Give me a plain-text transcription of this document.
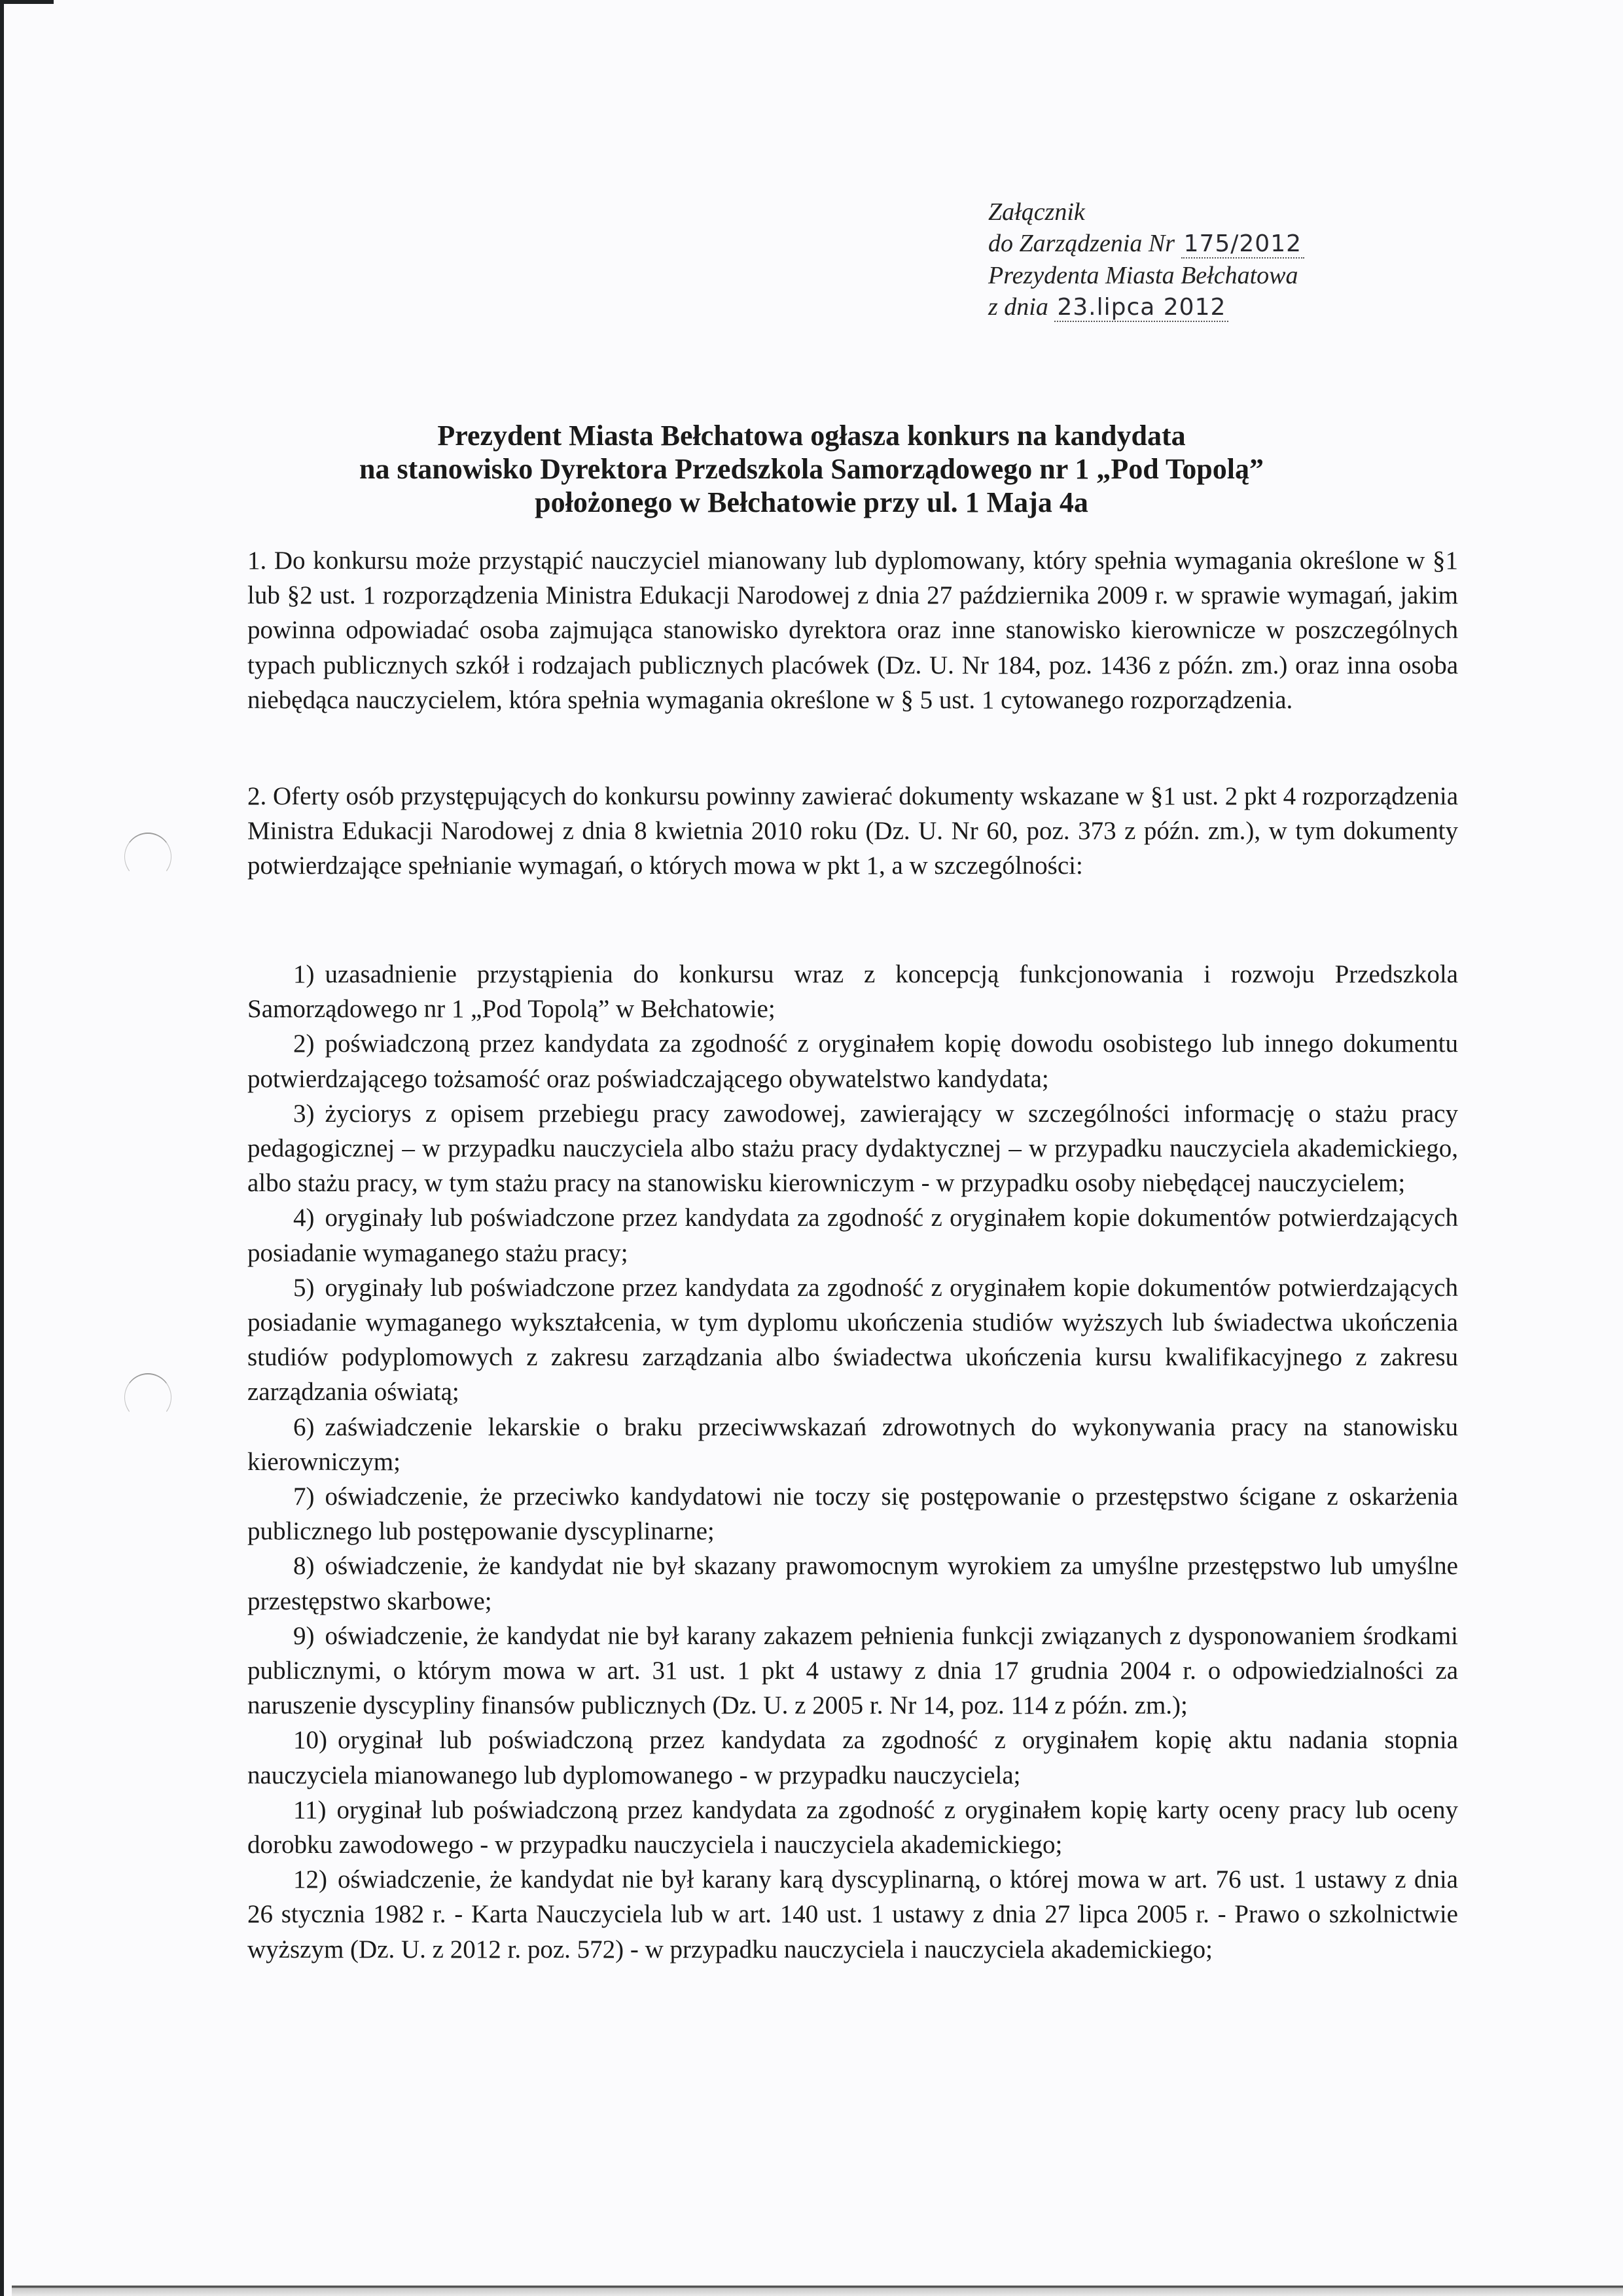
Załącznik
do Zarządzenia Nr 175/2012
Prezydenta Miasta Bełchatowa
z dnia 23.lipca 2012
Prezydent Miasta Bełchatowa ogłasza konkurs na kandydata
na stanowisko Dyrektora Przedszkola Samorządowego nr 1 „Pod Topolą”
położonego w Bełchatowie przy ul. 1 Maja 4a
1. Do konkursu może przystąpić nauczyciel mianowany lub dyplomowany, który spełnia wymagania określone w §1 lub §2 ust. 1 rozporządzenia Ministra Edukacji Narodowej z dnia 27 października 2009 r. w sprawie wymagań, jakim powinna odpowiadać osoba zajmująca stanowisko dyrektora oraz inne stanowisko kierownicze w poszczególnych typach publicznych szkół i rodzajach publicznych placówek (Dz. U. Nr 184, poz. 1436 z późn. zm.) oraz inna osoba niebędąca nauczycielem, która spełnia wymagania określone w § 5 ust. 1 cytowanego rozporządzenia.
2. Oferty osób przystępujących do konkursu powinny zawierać dokumenty wskazane w §1 ust. 2 pkt 4 rozporządzenia Ministra Edukacji Narodowej z dnia 8 kwietnia 2010 roku (Dz. U. Nr 60, poz. 373 z późn. zm.), w tym dokumenty potwierdzające spełnianie wymagań, o których mowa w pkt 1, a w szczególności:
1) uzasadnienie przystąpienia do konkursu wraz z koncepcją funkcjonowania i rozwoju Przedszkola Samorządowego nr 1 „Pod Topolą” w Bełchatowie;
2) poświadczoną przez kandydata za zgodność z oryginałem kopię dowodu osobistego lub innego dokumentu potwierdzającego tożsamość oraz poświadczającego obywatelstwo kandydata;
3) życiorys z opisem przebiegu pracy zawodowej, zawierający w szczególności informację o stażu pracy pedagogicznej – w przypadku nauczyciela albo stażu pracy dydaktycznej – w przypadku nauczyciela akademickiego, albo stażu pracy, w tym stażu pracy na stanowisku kierowniczym - w przypadku osoby niebędącej nauczycielem;
4) oryginały lub poświadczone przez kandydata za zgodność z oryginałem kopie dokumentów potwierdzających posiadanie wymaganego stażu pracy;
5) oryginały lub poświadczone przez kandydata za zgodność z oryginałem kopie dokumentów potwierdzających posiadanie wymaganego wykształcenia, w tym dyplomu ukończenia studiów wyższych lub świadectwa ukończenia studiów podyplomowych z zakresu zarządzania albo świadectwa ukończenia kursu kwalifikacyjnego z zakresu zarządzania oświatą;
6) zaświadczenie lekarskie o braku przeciwwskazań zdrowotnych do wykonywania pracy na stanowisku kierowniczym;
7) oświadczenie, że przeciwko kandydatowi nie toczy się postępowanie o przestępstwo ścigane z oskarżenia publicznego lub postępowanie dyscyplinarne;
8) oświadczenie, że kandydat nie był skazany prawomocnym wyrokiem za umyślne przestępstwo lub umyślne przestępstwo skarbowe;
9) oświadczenie, że kandydat nie był karany zakazem pełnienia funkcji związanych z dysponowaniem środkami publicznymi, o którym mowa w art. 31 ust. 1 pkt 4 ustawy z dnia 17 grudnia 2004 r. o odpowiedzialności za naruszenie dyscypliny finansów publicznych (Dz. U. z 2005 r. Nr 14, poz. 114 z późn. zm.);
10) oryginał lub poświadczoną przez kandydata za zgodność z oryginałem kopię aktu nadania stopnia nauczyciela mianowanego lub dyplomowanego - w przypadku nauczyciela;
11) oryginał lub poświadczoną przez kandydata za zgodność z oryginałem kopię karty oceny pracy lub oceny dorobku zawodowego - w przypadku nauczyciela i nauczyciela akademickiego;
12) oświadczenie, że kandydat nie był karany karą dyscyplinarną, o której mowa w art. 76 ust. 1 ustawy z dnia 26 stycznia 1982 r. - Karta Nauczyciela lub w art. 140 ust. 1 ustawy z dnia 27 lipca 2005 r. - Prawo o szkolnictwie wyższym (Dz. U. z 2012 r. poz. 572) - w przypadku nauczyciela i nauczyciela akademickiego;
